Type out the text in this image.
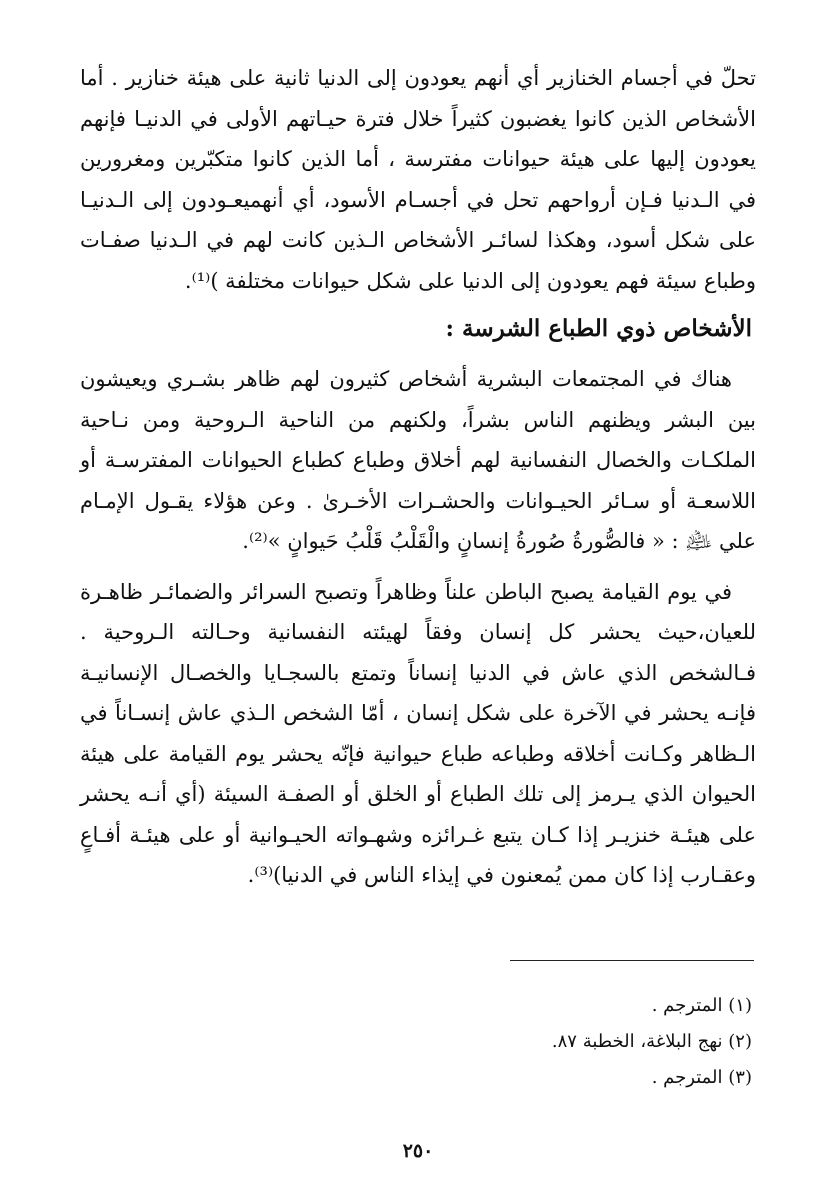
تحلّ في أجسام الخنازير أي أنهم يعودون إلى الدنيا ثانية على هيئة خنازير . أما الأشخاص الذين كانوا يغضبون كثيراً خلال فترة حيـاتهم الأولى في الدنيـا فإنهم يعودون إليها على هيئة حيوانات مفترسة ، أما الذين كانوا متكبّرين ومغرورين في الـدنيا فـإن أرواحهم تحل في أجسـام الأسود، أي أنهميعـودون إلى الـدنيـا على شكل أسود، وهكذا لسائـر الأشخاص الـذين كانت لهم في الـدنيا صفـات وطباع سيئة فهم يعودون إلى الدنيا على شكل حيوانات مختلفة )⁽¹⁾.

الأشخاص ذوي الطباع الشرسة :

هناك في المجتمعات البشرية أشخاص كثيرون لهم ظاهر بشـري ويعيشون بين البشر ويظنهم الناس بشراً، ولكنهم من الناحية الـروحية ومن نـاحية الملكـات والخصال النفسانية لهم أخلاق وطباع كطباع الحيوانات المفترسـة أو اللاسعـة أو سـائر الحيـوانات والحشـرات الأخـرىٰ . وعن هؤلاء يقـول الإمـام علي ﵇ : « فالصُّورةُ صُورةُ إنسانٍ والْقَلْبُ قَلْبُ حَيوانٍ »⁽²⁾.

في يوم القيامة يصبح الباطن علناً وظاهراً وتصبح السرائر والضمائـر ظاهـرة للعيان،حيث يحشر كل إنسان وفقاً لهيئته النفسانية وحـالته الـروحية . فـالشخص الذي عاش في الدنيا إنساناً وتمتع بالسجـايا والخصـال الإنسانيـة فإنـه يحشر في الآخرة على شكل إنسان ، أمّا الشخص الـذي عاش إنسـاناً في الـظاهر وكـانت أخلاقه وطباعه طباع حيوانية فإنّه يحشر يوم القيامة على هيئة الحيوان الذي يـرمز إلى تلك الطباع أو الخلق أو الصفـة السيئة (أي أنـه يحشر على هيئـة خنزيـر إذا كـان يتبع غـرائزه وشهـواته الحيـوانية أو على هيئـة أفـاعٍ وعقـارب إذا كان ممن يُمعنون في إيذاء الناس في الدنيا)⁽³⁾.

(١) المترجم .

(٢) نهج البلاغة، الخطبة ٨٧.

(٣) المترجم .

٢٥٠
